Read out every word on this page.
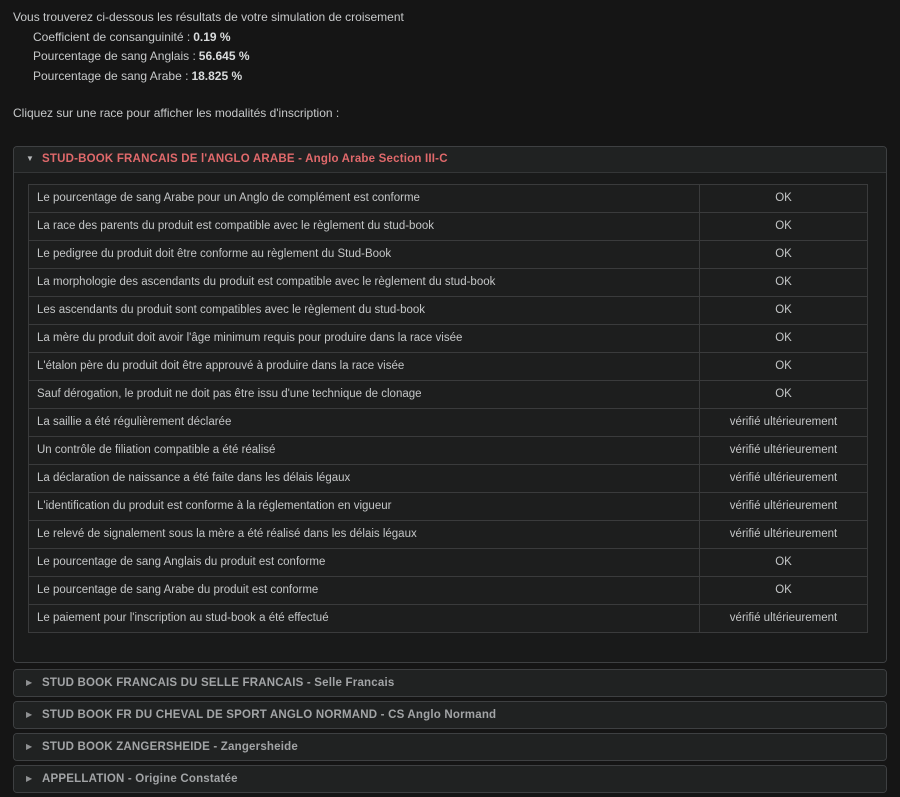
Vous trouverez ci-dessous les résultats de votre simulation de croisement

Coefficient de consanguinité : 0.19 %

Pourcentage de sang Anglais : 56.645 %

Pourcentage de sang Arabe : 18.825 %

Cliquez sur une race pour afficher les modalités d'inscription :

▼ STUD-BOOK FRANCAIS DE l'ANGLO ARABE - Anglo Arabe Section III-C
Le pourcentage de sang Arabe pour un Anglo de complément est conforme	OK
La race des parents du produit est compatible avec le règlement du stud-book	OK
Le pedigree du produit doit être conforme au règlement du Stud-Book	OK
La morphologie des ascendants du produit est compatible avec le règlement du stud-book	OK
Les ascendants du produit sont compatibles avec le règlement du stud-book	OK
La mère du produit doit avoir l'âge minimum requis pour produire dans la race visée	OK
L'étalon père du produit doit être approuvé à produire dans la race visée	OK
Sauf dérogation, le produit ne doit pas être issu d'une technique de clonage	OK
La saillie a été régulièrement déclarée	vérifié ultérieurement
Un contrôle de filiation compatible a été réalisé	vérifié ultérieurement
La déclaration de naissance a été faite dans les délais légaux	vérifié ultérieurement
L'identification du produit est conforme à la réglementation en vigueur	vérifié ultérieurement
Le relevé de signalement sous la mère a été réalisé dans les délais légaux	vérifié ultérieurement
Le pourcentage de sang Anglais du produit est conforme	OK
Le pourcentage de sang Arabe du produit est conforme	OK
Le paiement pour l'inscription au stud-book a été effectué	vérifié ultérieurement
▶ STUD BOOK FRANCAIS DU SELLE FRANCAIS - Selle Francais
▶ STUD BOOK FR DU CHEVAL DE SPORT ANGLO NORMAND - CS Anglo Normand
▶ STUD BOOK ZANGERSHEIDE - Zangersheide
▶ APPELLATION - Origine Constatée
